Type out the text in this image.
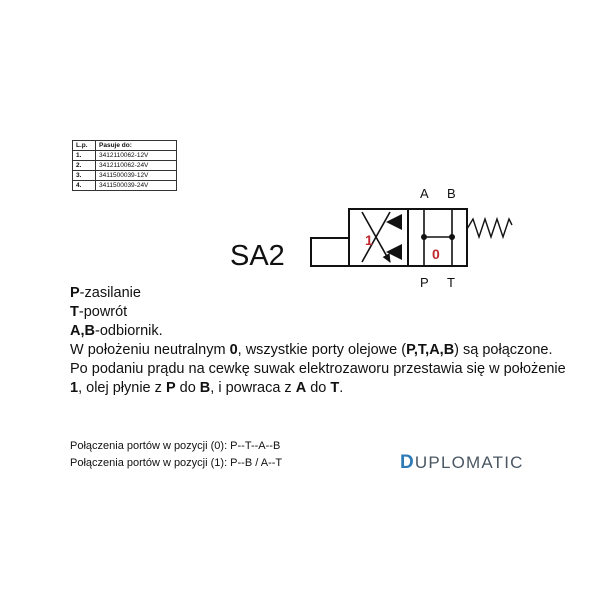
L.p.	Pasuje do:
1.	3412110062-12V
2.	3412110062-24V
3.	3411500039-12V
4.	3411500039-24V
SA2	1
0
A B
P T

P-zasilanie

T-powrót

A,B-odbiornik.

W położeniu neutralnym 0, wszystkie porty olejowe (P,T,A,B) są połączone.

Po podaniu prądu na cewkę suwak elektrozaworu przestawia się w położenie 1, olej płynie z P do B, i powraca z A do T.

Połączenia portów w pozycji (0): P--T--A--B

Połączenia portów w pozycji (1): P--B / A--T	DUPLOMATIC
